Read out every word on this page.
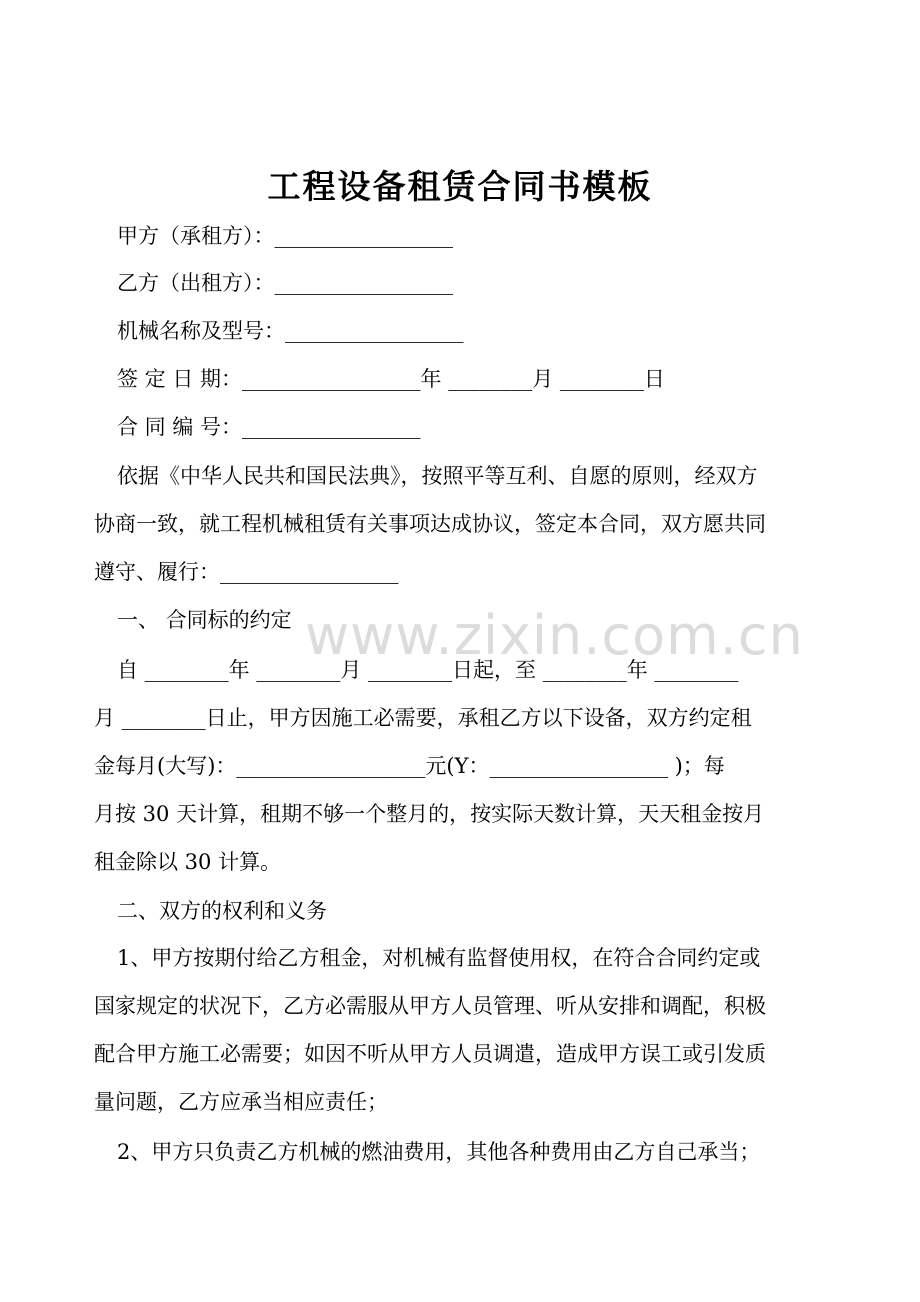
工程设备租赁合同书模板
甲方（承租方）：_________________
乙方（出租方）：_________________
机械名称及型号：_________________
签 定 日 期：_________________年 ________月 ________日
合 同 编 号：_________________
依据《中华人民共和国民法典》，按照平等互利、自愿的原则，经双方
协商一致，就工程机械租赁有关事项达成协议，签定本合同，双方愿共同
遵守、履行：_________________
一、 合同标的约定
自 ________年 ________月 ________日起，至 ________年 ________
月 ________日止，甲方因施工必需要，承租乙方以下设备，双方约定租
金每月(大写)：__________________元(Y：_________________ )；每
月按 30 天计算，租期不够一个整月的，按实际天数计算，天天租金按月
租金除以 30 计算。
二、双方的权利和义务
1、甲方按期付给乙方租金，对机械有监督使用权，在符合合同约定或
国家规定的状况下，乙方必需服从甲方人员管理、听从安排和调配，积极
配合甲方施工必需要；如因不听从甲方人员调遣，造成甲方误工或引发质
量问题，乙方应承当相应责任；
2、甲方只负责乙方机械的燃油费用，其他各种费用由乙方自己承当；
www.zixin.com.cn
